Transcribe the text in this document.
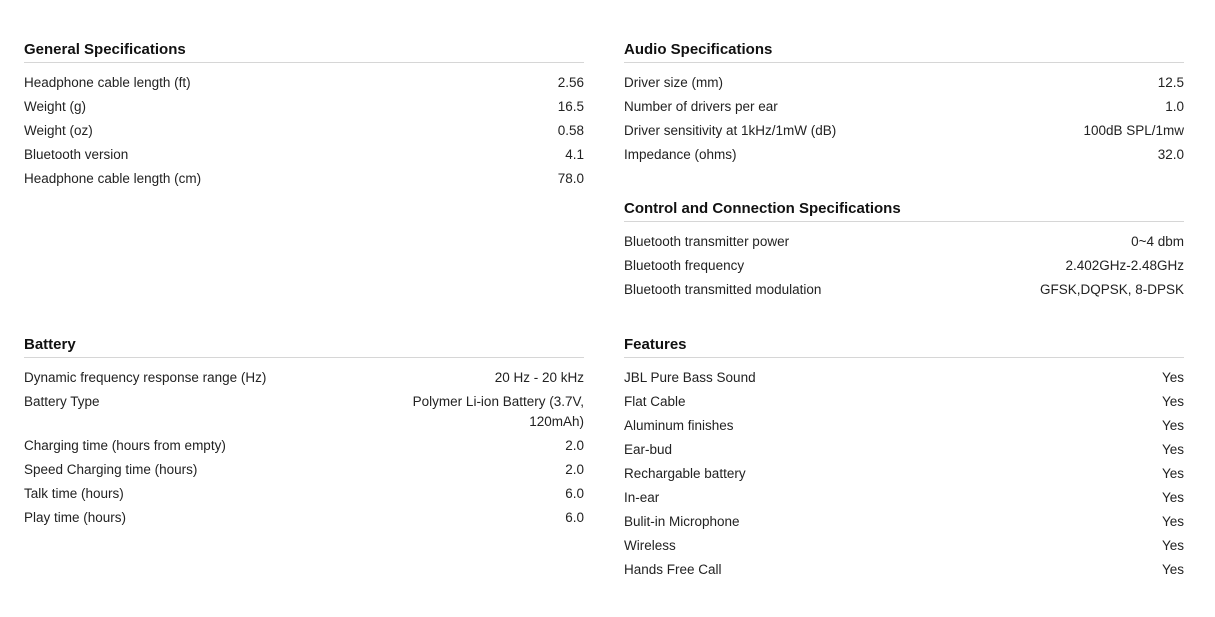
General Specifications
Headphone cable length (ft)	2.56
Weight (g)	16.5
Weight (oz)	0.58
Bluetooth version	4.1
Headphone cable length (cm)	78.0
Battery
Dynamic frequency response range (Hz)	20 Hz - 20 kHz
Battery Type	Polymer Li-ion Battery (3.7V, 120mAh)
Charging time (hours from empty)	2.0
Speed Charging time (hours)	2.0
Talk time (hours)	6.0
Play time (hours)	6.0
Audio Specifications
Driver size (mm)	12.5
Number of drivers per ear	1.0
Driver sensitivity at 1kHz/1mW (dB)	100dB SPL/1mw
Impedance (ohms)	32.0
Control and Connection Specifications
Bluetooth transmitter power	0~4 dbm
Bluetooth frequency	2.402GHz-2.48GHz
Bluetooth transmitted modulation	GFSK,DQPSK, 8-DPSK
Features
JBL Pure Bass Sound	Yes
Flat Cable	Yes
Aluminum finishes	Yes
Ear-bud	Yes
Rechargable battery	Yes
In-ear	Yes
Bulit-in Microphone	Yes
Wireless	Yes
Hands Free Call	Yes
